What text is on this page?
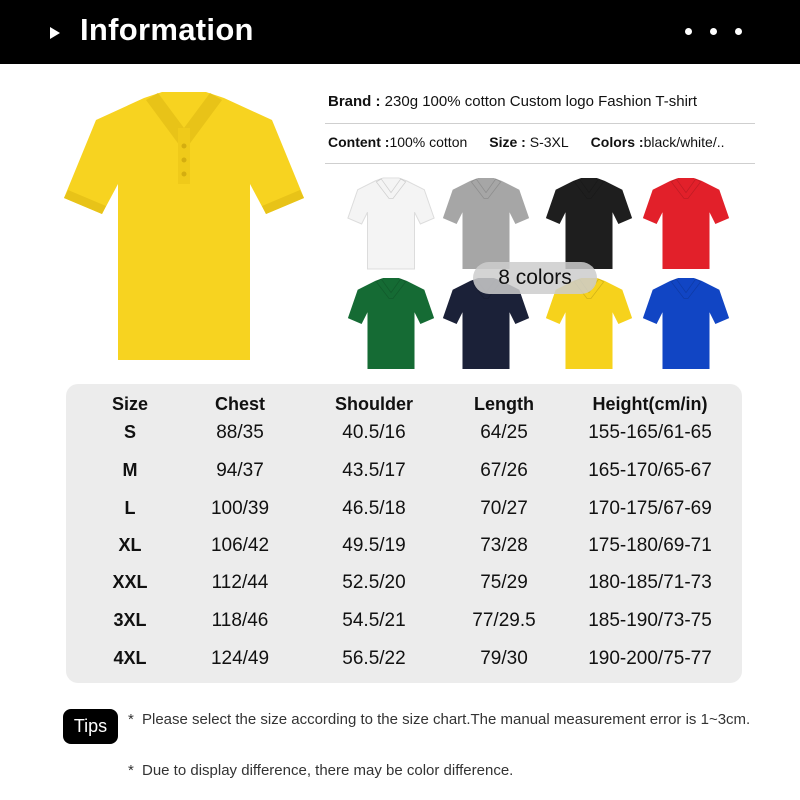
Information
Brand : 230g 100% cotton Custom logo Fashion T-shirt
Content :100% cotton Size : S-3XL Colors :black/white/..
8 colors
Size	Chest	Shoulder	Length	Height(cm/in)
S	88/35	40.5/16	64/25	155-165/61-65
M	94/37	43.5/17	67/26	165-170/65-67
L	100/39	46.5/18	70/27	170-175/67-69
XL	106/42	49.5/19	73/28	175-180/69-71
XXL	112/44	52.5/20	75/29	180-185/71-73
3XL	118/46	54.5/21	77/29.5	185-190/73-75
4XL	124/49	56.5/22	79/30	190-200/75-77
Tips	* Please select the size according to the size chart.The manual measurement error is 1~3cm.
* Due to display difference, there may be color difference.
